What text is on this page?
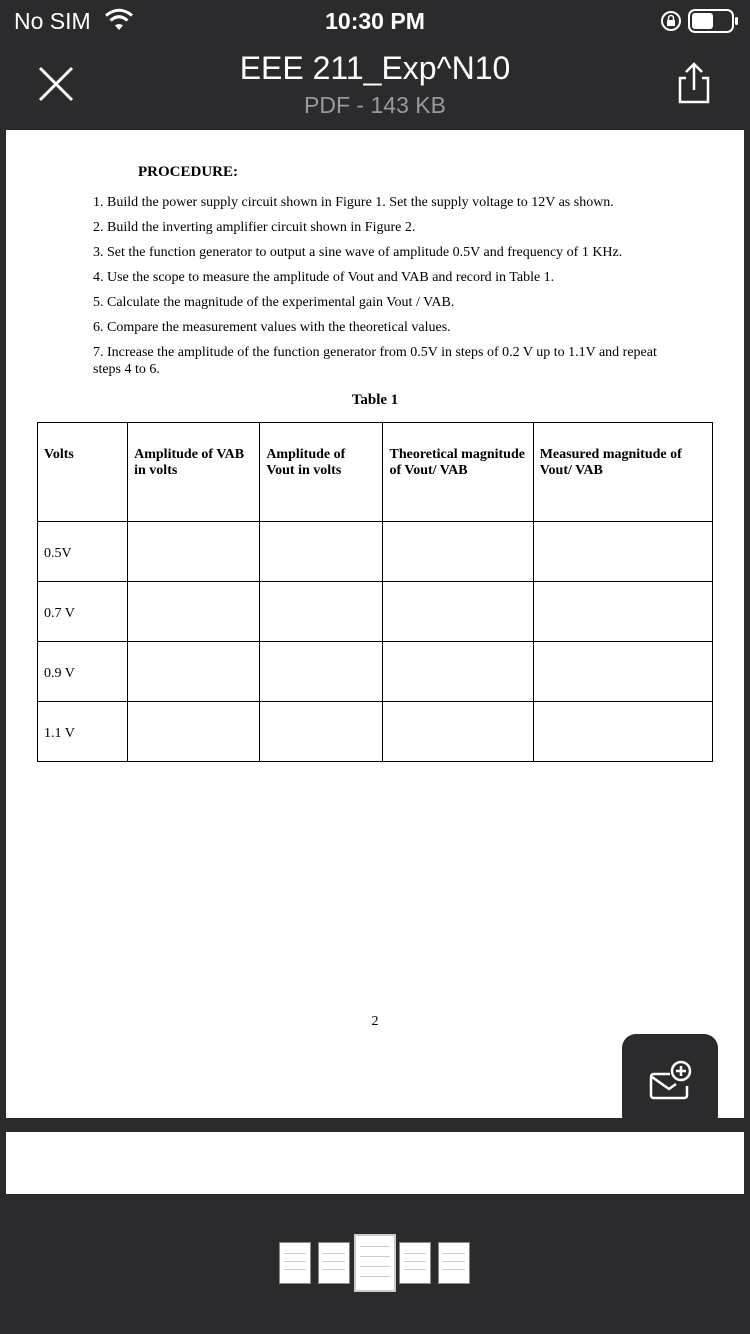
No SIM	10:30 PM
EEE 211_Exp^N10
PDF - 143 KB
PROCEDURE:
1. Build the power supply circuit shown in Figure 1. Set the supply voltage to 12V as shown.
2. Build the inverting amplifier circuit shown in Figure 2.
3. Set the function generator to output a sine wave of amplitude 0.5V and frequency of 1 KHz.
4. Use the scope to measure the amplitude of Vout and VAB and record in Table 1.
5. Calculate the magnitude of the experimental gain Vout / VAB.
6. Compare the measurement values with the theoretical values.
7. Increase the amplitude of the function generator from 0.5V in steps of 0.2 V up to 1.1V and repeat steps 4 to 6.
Table 1
Volts	Amplitude of VAB in volts	Amplitude of Vout in volts	Theoretical magnitude of Vout/ VAB	Measured magnitude of Vout/ VAB
0.5V				
0.7 V				
0.9 V				
1.1 V				
2
